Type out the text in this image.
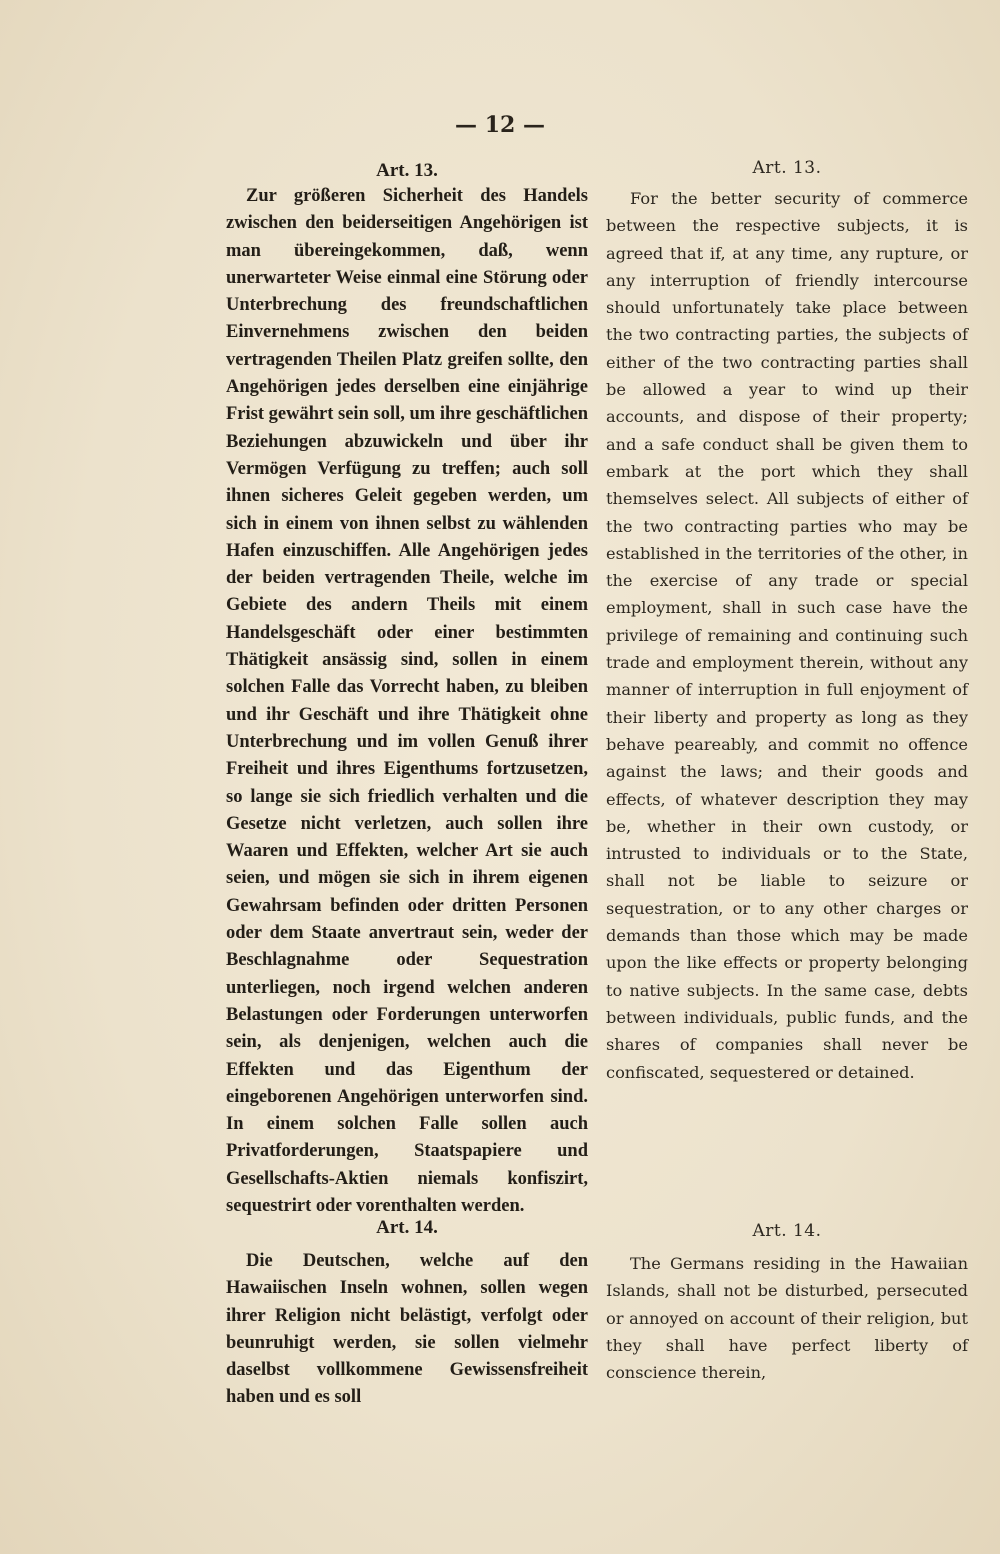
— 12 —
Art. 13.

Zur größeren Sicherheit des Handels zwischen den beiderseitigen Angehörigen ist man übereingekommen, daß, wenn unerwarteter Weise einmal eine Störung oder Unterbrechung des freundschaftlichen Einvernehmens zwischen den beiden vertragenden Theilen Platz greifen sollte, den Angehörigen jedes derselben eine einjährige Frist gewährt sein soll, um ihre geschäftlichen Beziehungen abzuwickeln und über ihr Vermögen Verfügung zu treffen; auch soll ihnen sicheres Geleit gegeben werden, um sich in einem von ihnen selbst zu wählenden Hafen einzuschiffen. Alle Angehörigen jedes der beiden vertragenden Theile, welche im Gebiete des andern Theils mit einem Handelsgeschäft oder einer bestimmten Thätigkeit ansässig sind, sollen in einem solchen Falle das Vorrecht haben, zu bleiben und ihr Geschäft und ihre Thätigkeit ohne Unterbrechung und im vollen Genuß ihrer Freiheit und ihres Eigenthums fortzusetzen, so lange sie sich friedlich verhalten und die Gesetze nicht verletzen, auch sollen ihre Waaren und Effekten, welcher Art sie auch seien, und mögen sie sich in ihrem eigenen Gewahrsam befinden oder dritten Personen oder dem Staate anvertraut sein, weder der Beschlagnahme oder Sequestration unterliegen, noch irgend welchen anderen Belastungen oder Forderungen unterworfen sein, als denjenigen, welchen auch die Effekten und das Eigenthum der eingeborenen Angehörigen unterworfen sind. In einem solchen Falle sollen auch Privatforderungen, Staatspapiere und Gesellschafts-Aktien niemals konfiszirt, sequestrirt oder vorenthalten werden.

Art. 14.

Die Deutschen, welche auf den Hawaiischen Inseln wohnen, sollen wegen ihrer Religion nicht belästigt, verfolgt oder beunruhigt werden, sie sollen vielmehr daselbst vollkommene Gewissensfreiheit haben und es soll

Art. 13.

For the better security of commerce between the respective subjects, it is agreed that if, at any time, any rupture, or any interruption of friendly intercourse should unfortunately take place between the two contracting parties, the subjects of either of the two contracting parties shall be allowed a year to wind up their accounts, and dispose of their property; and a safe conduct shall be given them to embark at the port which they shall themselves select. All subjects of either of the two contracting parties who may be established in the territories of the other, in the exercise of any trade or special employment, shall in such case have the privilege of remaining and continuing such trade and employment therein, without any manner of interruption in full enjoyment of their liberty and property as long as they behave peareably, and commit no offence against the laws; and their goods and effects, of whatever description they may be, whether in their own custody, or intrusted to individuals or to the State, shall not be liable to seizure or sequestration, or to any other charges or demands than those which may be made upon the like effects or property belonging to native subjects. In the same case, debts between individuals, public funds, and the shares of companies shall never be confiscated, sequestered or detained.

Art. 14.

The Germans residing in the Hawaiian Islands, shall not be disturbed, persecuted or annoyed on account of their religion, but they shall have perfect liberty of conscience therein,
